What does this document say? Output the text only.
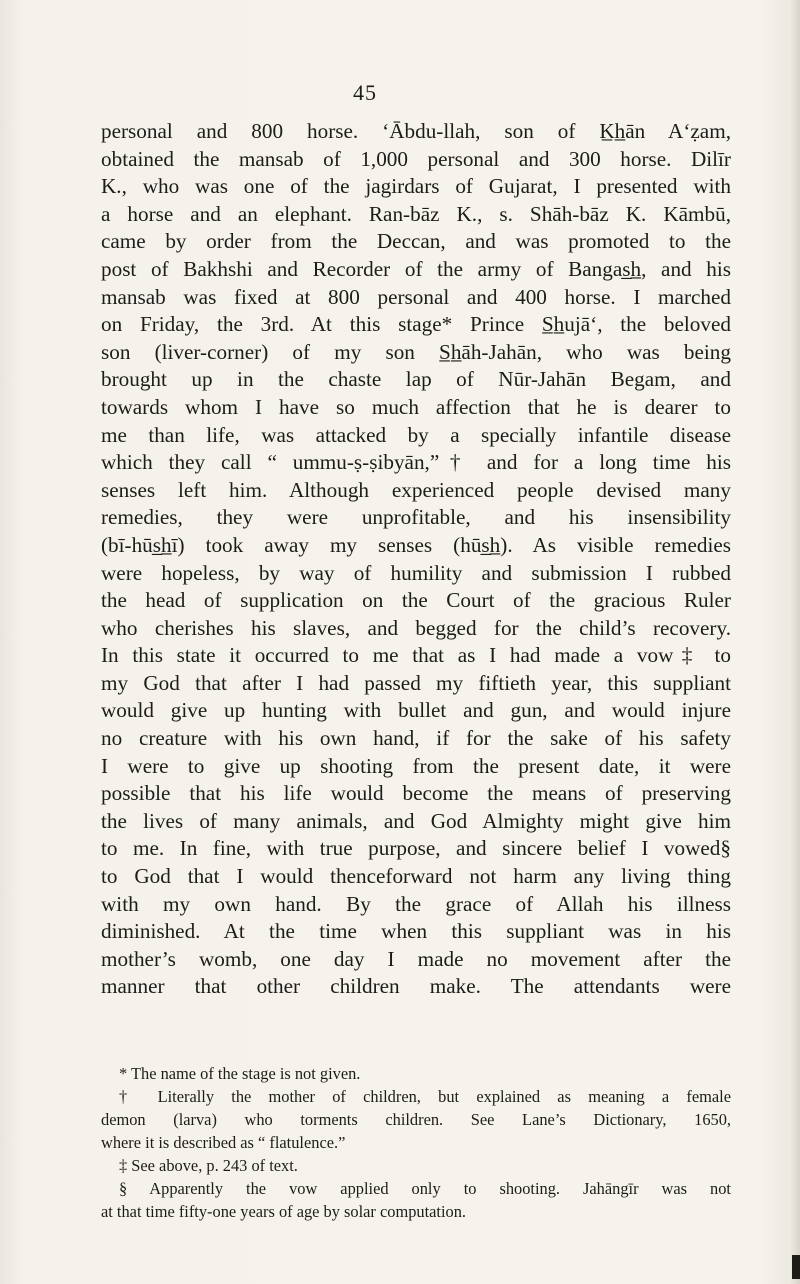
45
personal and 800 horse. ‘Ābdu-llah, son of K̲h̲ān A‘ẓam,
obtained the mansab of 1,000 personal and 300 horse. Dilīr
K., who was one of the jagirdars of Gujarat, I presented with
a horse and an elephant. Ran-bāz K., s. Shāh-bāz K. Kāmbū,
came by order from the Deccan, and was promoted to the
post of Bakhshi and Recorder of the army of Bangas̲h̲, and his
mansab was fixed at 800 personal and 400 horse. I marched
on Friday, the 3rd. At this stage* Prince S̲h̲ujā‘, the beloved
son (liver-corner) of my son S̲h̲āh-Jahān, who was being
brought up in the chaste lap of Nūr-Jahān Begam, and
towards whom I have so much affection that he is dearer to
me than life, was attacked by a specially infantile disease
which they call “ ummu-ṣ-ṣibyān,”† and for a long time his
senses left him. Although experienced people devised many
remedies, they were unprofitable, and his insensibility
(bī-hūs̲h̲ī) took away my senses (hūs̲h̲). As visible remedies
were hopeless, by way of humility and submission I rubbed
the head of supplication on the Court of the gracious Ruler
who cherishes his slaves, and begged for the child’s recovery.
In this state it occurred to me that as I had made a vow‡ to
my God that after I had passed my fiftieth year, this suppliant
would give up hunting with bullet and gun, and would injure
no creature with his own hand, if for the sake of his safety
I were to give up shooting from the present date, it were
possible that his life would become the means of preserving
the lives of many animals, and God Almighty might give him
to me. In fine, with true purpose, and sincere belief I vowed§
to God that I would thenceforward not harm any living thing
with my own hand. By the grace of Allah his illness
diminished. At the time when this suppliant was in his
mother’s womb, one day I made no movement after the
manner that other children make. The attendants were
* The name of the stage is not given.
† Literally the mother of children, but explained as meaning a female
demon (larva) who torments children. See Lane’s Dictionary, 1650,
where it is described as “ flatulence.”
‡ See above, p. 243 of text.
§ Apparently the vow applied only to shooting. Jahāngīr was not
at that time fifty-one years of age by solar computation.
